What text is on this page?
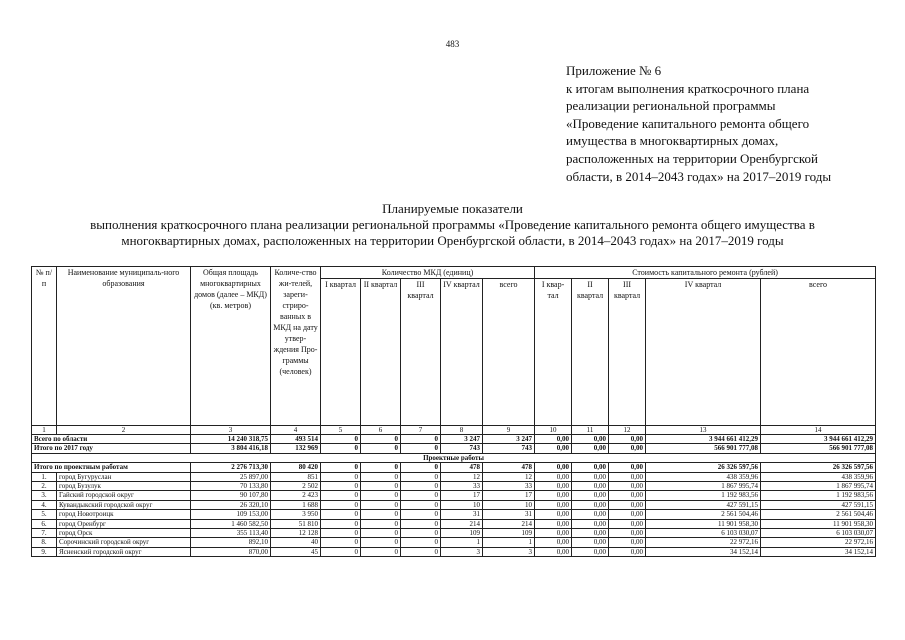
483
Приложение № 6
к итогам выполнения краткосрочного плана
реализации региональной программы
«Проведение капитального ремонта общего
имущества в многоквартирных домах,
расположенных на территории Оренбургской
области, в 2014–2043 годах» на 2017–2019 годы
Планируемые показатели
выполнения краткосрочного плана реализации региональной программы «Проведение капитального ремонта общего имущества в
многоквартирных домах, расположенных на территории Оренбургской области, в 2014–2043 годах» на 2017–2019 годы
№ п/п	Наименование муниципаль-ного образования	Общая площадь многоквартирных домов (далее – МКД) (кв. метров)	Количе-ство жи-телей, зареги-стриро-ванных в МКД на дату утвер-ждения Про-граммы (человек)	Количество МКД (единиц)					Стоимость капитального ремонта (рублей)				
				I квартал	II квартал	III квартал	IV квартал	всего	I квар-тал	II квартал	III квартал	IV квартал	всего
1	2	3	4	5	6	7	8	9	10	11	12	13	14
Всего по области		14 240 318,75	493 514	0	0	0	3 247	3 247	0,00	0,00	0,00	3 944 661 412,29	3 944 661 412,29
Итого по 2017 году		3 804 416,18	132 969	0	0	0	743	743	0,00	0,00	0,00	566 901 777,08	566 901 777,08
Проектные работы													
Итого по проектным работам		2 276 713,30	80 420	0	0	0	478	478	0,00	0,00	0,00	26 326 597,56	26 326 597,56
1.	город Бугуруслан	25 897,00	851	0	0	0	12	12	0,00	0,00	0,00	438 359,96	438 359,96
2.	город Бузулук	70 133,80	2 502	0	0	0	33	33	0,00	0,00	0,00	1 867 995,74	1 867 995,74
3.	Гайский городской округ	90 107,80	2 423	0	0	0	17	17	0,00	0,00	0,00	1 192 983,56	1 192 983,56
4.	Кувандыкский городской округ	26 320,10	1 688	0	0	0	10	10	0,00	0,00	0,00	427 591,15	427 591,15
5.	город Новотроицк	109 153,00	3 950	0	0	0	31	31	0,00	0,00	0,00	2 561 504,46	2 561 504,46
6.	город Оренбург	1 460 582,50	51 810	0	0	0	214	214	0,00	0,00	0,00	11 901 958,30	11 901 958,30
7.	город Орск	355 113,40	12 128	0	0	0	109	109	0,00	0,00	0,00	6 103 030,07	6 103 030,07
8.	Сорочинский городской округ	892,10	40	0	0	0	1	1	0,00	0,00	0,00	22 972,16	22 972,16
9.	Ясненский городской округ	870,00	45	0	0	0	3	3	0,00	0,00	0,00	34 152,14	34 152,14
